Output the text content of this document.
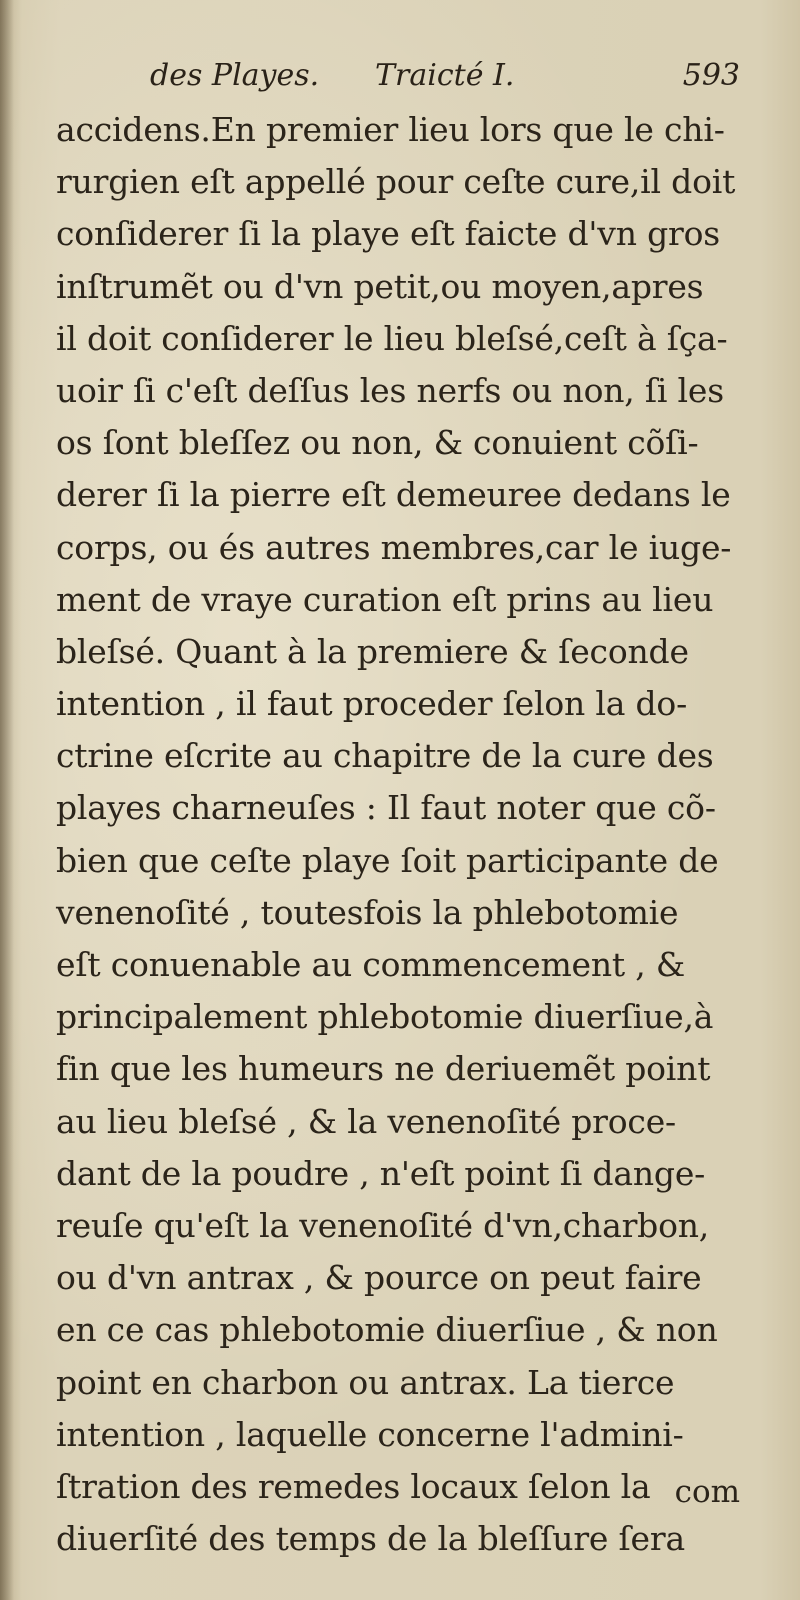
des Playes. Traicté I.	593
accidens.En premier lieu lors que le chi-
rurgien eſt appellé pour ceſte cure,il doit
conſiderer ſi la playe eſt faicte d'vn gros
inſtrumẽt ou d'vn petit,ou moyen,apres
il doit conſiderer le lieu bleſsé,ceſt à ſça-
uoir ſi c'eſt deſſus les nerfs ou non, ſi les
os ſont bleſſez ou non, & conuient cõſi-
derer ſi la pierre eſt demeuree dedans le
corps, ou és autres membres,car le iuge-
ment de vraye curation eſt prins au lieu
bleſsé. Quant à la premiere & ſeconde
intention , il faut proceder ſelon la do-
ctrine eſcrite au chapitre de la cure des
playes charneuſes : Il faut noter que cõ-
bien que ceſte playe ſoit participante de
venenoſité , toutesfois la phlebotomie
eſt conuenable au commencement , &
principalement phlebotomie diuerſiue,à
fin que les humeurs ne deriuemẽt point
au lieu bleſsé , & la venenoſité proce-
dant de la poudre , n'eſt point ſi dange-
reuſe qu'eſt la venenoſité d'vn,charbon,
ou d'vn antrax , & pource on peut faire
en ce cas phlebotomie diuerſiue , & non
point en charbon ou antrax. La tierce
intention , laquelle concerne l'admini-
ſtration des remedes locaux ſelon la
diuerſité des temps de la bleſſure ſera
com
